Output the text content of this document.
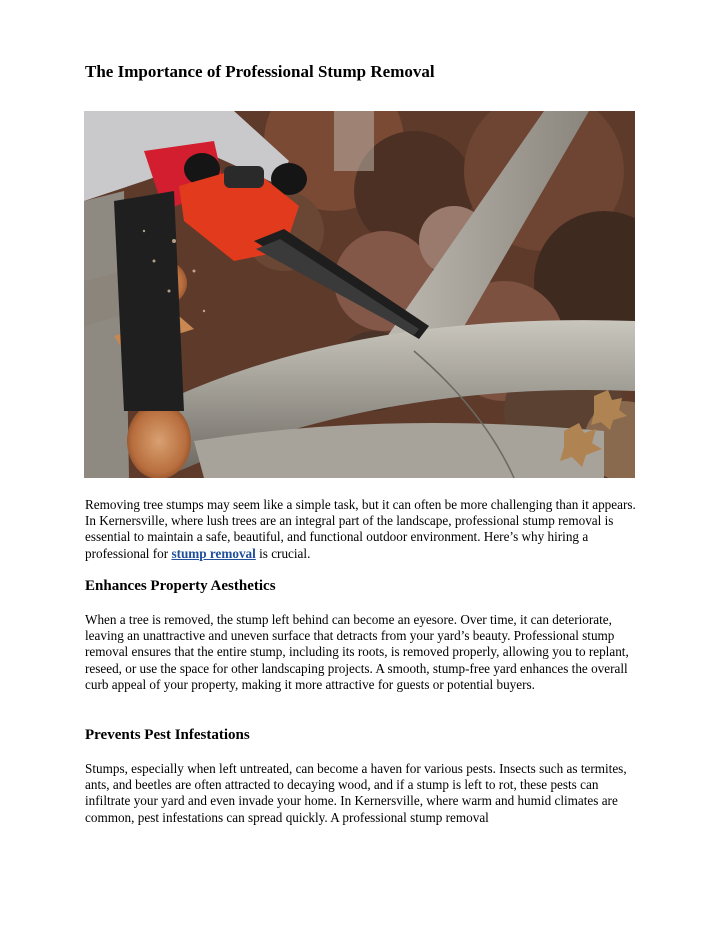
The Importance of Professional Stump Removal

Removing tree stumps may seem like a simple task, but it can often be more challenging than it appears. In Kernersville, where lush trees are an integral part of the landscape, professional stump removal is essential to maintain a safe, beautiful, and functional outdoor environment. Here’s why hiring a professional for stump removal is crucial.

Enhances Property Aesthetics

When a tree is removed, the stump left behind can become an eyesore. Over time, it can deteriorate, leaving an unattractive and uneven surface that detracts from your yard’s beauty. Professional stump removal ensures that the entire stump, including its roots, is removed properly, allowing you to replant, reseed, or use the space for other landscaping projects. A smooth, stump-free yard enhances the overall curb appeal of your property, making it more attractive for guests or potential buyers.

Prevents Pest Infestations

Stumps, especially when left untreated, can become a haven for various pests. Insects such as termites, ants, and beetles are often attracted to decaying wood, and if a stump is left to rot, these pests can infiltrate your yard and even invade your home. In Kernersville, where warm and humid climates are common, pest infestations can spread quickly. A professional stump removal
